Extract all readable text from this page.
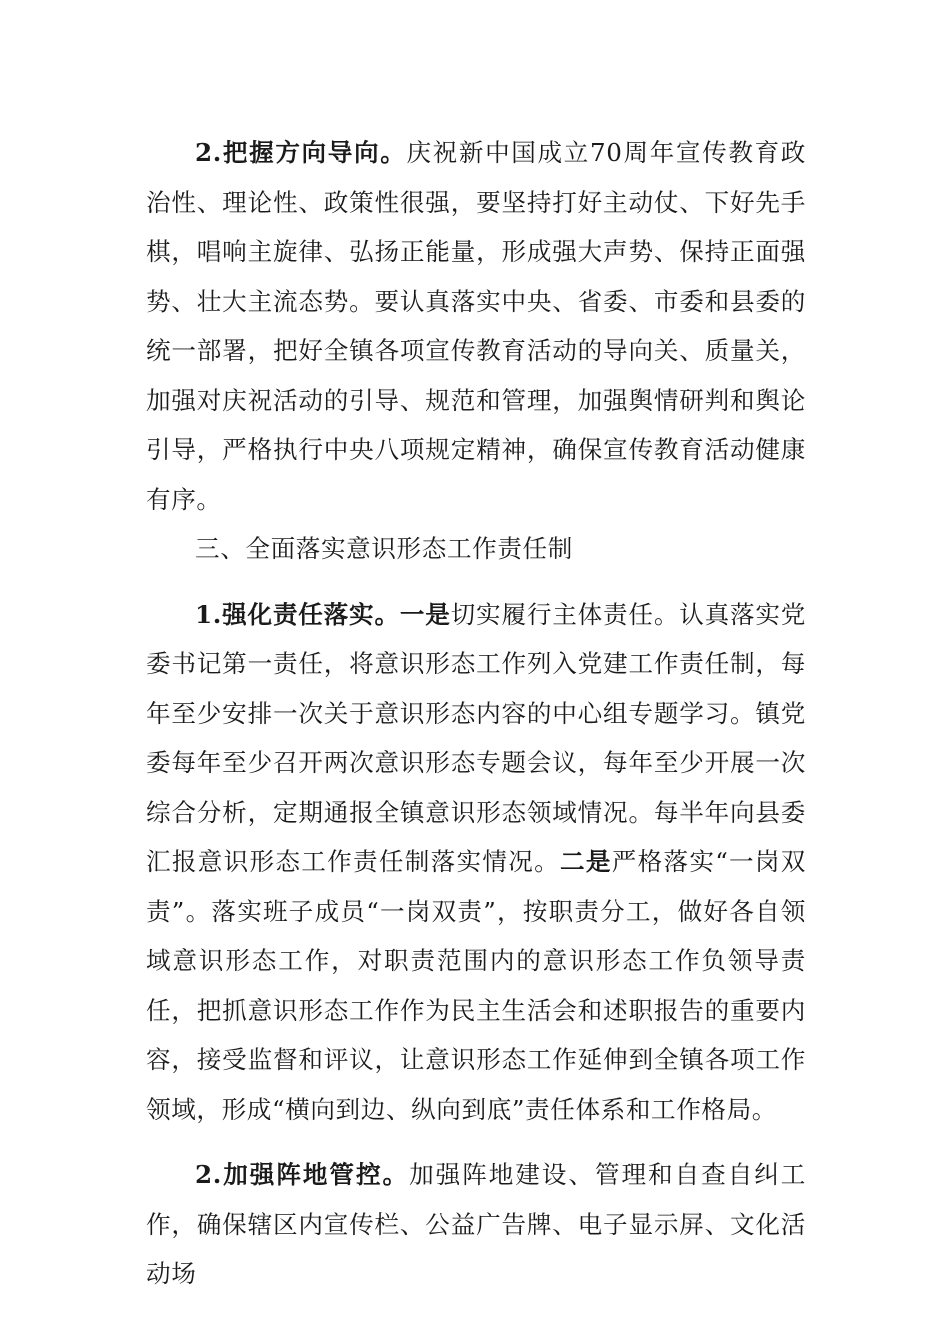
2.把握方向导向。庆祝新中国成立70周年宣传教育政治性、理论性、政策性很强，要坚持打好主动仗、下好先手棋，唱响主旋律、弘扬正能量，形成强大声势、保持正面强势、壮大主流态势。要认真落实中央、省委、市委和县委的统一部署，把好全镇各项宣传教育活动的导向关、质量关，加强对庆祝活动的引导、规范和管理，加强舆情研判和舆论引导，严格执行中央八项规定精神，确保宣传教育活动健康有序。

三、全面落实意识形态工作责任制

1.强化责任落实。一是切实履行主体责任。认真落实党委书记第一责任，将意识形态工作列入党建工作责任制，每年至少安排一次关于意识形态内容的中心组专题学习。镇党委每年至少召开两次意识形态专题会议，每年至少开展一次综合分析，定期通报全镇意识形态领域情况。每半年向县委汇报意识形态工作责任制落实情况。二是严格落实“一岗双责”。落实班子成员“一岗双责”，按职责分工，做好各自领域意识形态工作，对职责范围内的意识形态工作负领导责任，把抓意识形态工作作为民主生活会和述职报告的重要内容，接受监督和评议，让意识形态工作延伸到全镇各项工作领域，形成“横向到边、纵向到底”责任体系和工作格局。

2.加强阵地管控。加强阵地建设、管理和自查自纠工作，确保辖区内宣传栏、公益广告牌、电子显示屏、文化活动场
